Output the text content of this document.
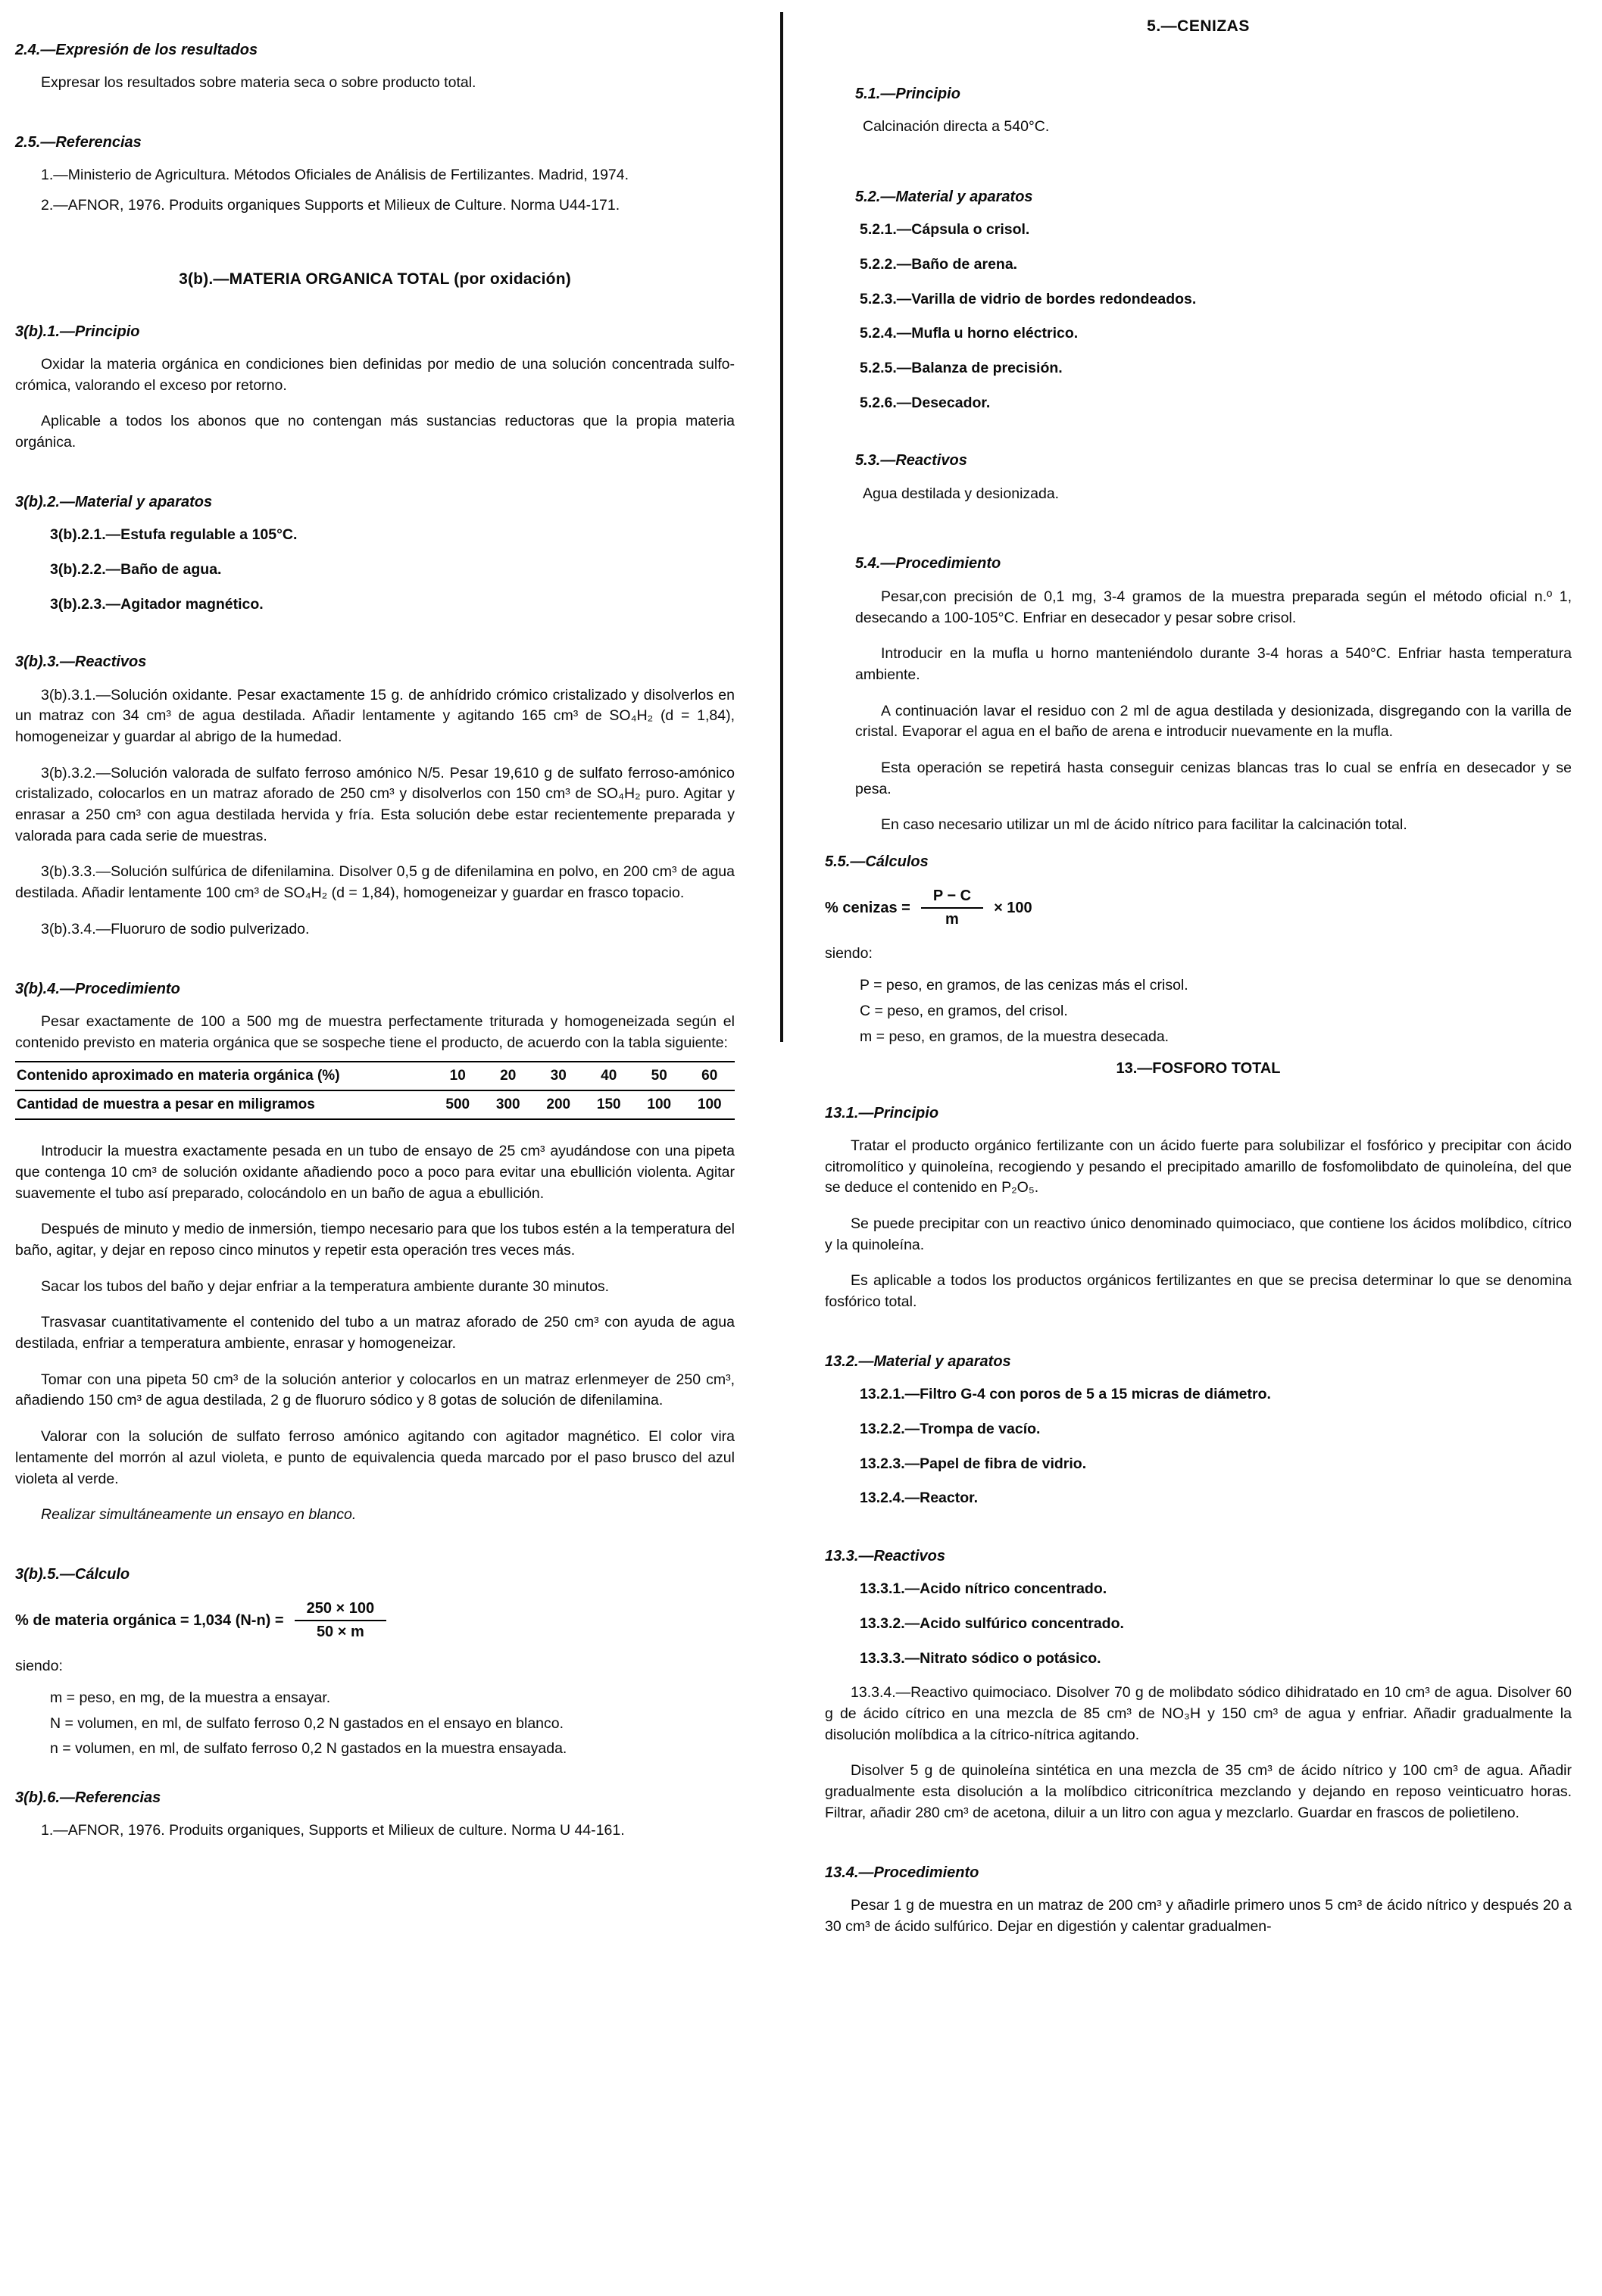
2.4.—Expresión de los resultados

Expresar los resultados sobre materia seca o sobre producto total.

2.5.—Referencias

1.—Ministerio de Agricultura. Métodos Oficiales de Análisis de Fertilizantes. Madrid, 1974.

2.—AFNOR, 1976. Produits organiques Supports et Milieux de Culture. Norma U44-171.

3(b).—MATERIA ORGANICA TOTAL (por oxidación)

3(b).1.—Principio

Oxidar la materia orgánica en condiciones bien definidas por medio de una solución concentrada sulfo-crómica, valorando el exceso por retorno.

Aplicable a todos los abonos que no contengan más sustancias reductoras que la propia materia orgánica.

3(b).2.—Material y aparatos

3(b).2.1.—Estufa regulable a 105°C.

3(b).2.2.—Baño de agua.

3(b).2.3.—Agitador magnético.

3(b).3.—Reactivos

3(b).3.1.—Solución oxidante. Pesar exactamente 15 g. de anhídrido crómico cristalizado y disolverlos en un matraz con 34 cm³ de agua destilada. Añadir lentamente y agitando 165 cm³ de SO₄H₂ (d = 1,84), homogeneizar y guardar al abrigo de la humedad.

3(b).3.2.—Solución valorada de sulfato ferroso amónico N/5. Pesar 19,610 g de sulfato ferroso-amónico cristalizado, colocarlos en un matraz aforado de 250 cm³ y disolverlos con 150 cm³ de SO₄H₂ puro. Agitar y enrasar a 250 cm³ con agua destilada hervida y fría. Esta solución debe estar recientemente preparada y valorada para cada serie de muestras.

3(b).3.3.—Solución sulfúrica de difenilamina. Disolver 0,5 g de difenilamina en polvo, en 200 cm³ de agua destilada. Añadir lentamente 100 cm³ de SO₄H₂ (d = 1,84), homogeneizar y guardar en frasco topacio.

3(b).3.4.—Fluoruro de sodio pulverizado.

3(b).4.—Procedimiento

Pesar exactamente de 100 a 500 mg de muestra perfectamente triturada y homogeneizada según el contenido previsto en materia orgánica que se sospeche tiene el producto, de acuerdo con la tabla siguiente:

Contenido aproximado en materia orgánica (%)	10	20	30	40	50	60
Cantidad de muestra a pesar en miligramos	500	300	200	150	100	100

Introducir la muestra exactamente pesada en un tubo de ensayo de 25 cm³ ayudándose con una pipeta que contenga 10 cm³ de solución oxidante añadiendo poco a poco para evitar una ebullición violenta. Agitar suavemente el tubo así preparado, colocándolo en un baño de agua a ebullición.

Después de minuto y medio de inmersión, tiempo necesario para que los tubos estén a la temperatura del baño, agitar, y dejar en reposo cinco minutos y repetir esta operación tres veces más.

Sacar los tubos del baño y dejar enfriar a la temperatura ambiente durante 30 minutos.

Trasvasar cuantitativamente el contenido del tubo a un matraz aforado de 250 cm³ con ayuda de agua destilada, enfriar a temperatura ambiente, enrasar y homogeneizar.

Tomar con una pipeta 50 cm³ de la solución anterior y colocarlos en un matraz erlenmeyer de 250 cm³, añadiendo 150 cm³ de agua destilada, 2 g de fluoruro sódico y 8 gotas de solución de difenilamina.

Valorar con la solución de sulfato ferroso amónico agitando con agitador magnético. El color vira lentamente del morrón al azul violeta, e punto de equivalencia queda marcado por el paso brusco del azul violeta al verde.

Realizar simultáneamente un ensayo en blanco.

3(b).5.—Cálculo

% de materia orgánica = 1,034 $(N-n) = \frac{250 \times 100}{50 \times m}$

siendo:

m = peso, en mg, de la muestra a ensayar.

N = volumen, en ml, de sulfato ferroso 0,2 N gastados en el ensayo en blanco.

n = volumen, en ml, de sulfato ferroso 0,2 N gastados en la muestra ensayada.

3(b).6.—Referencias

1.—AFNOR, 1976. Produits organiques, Supports et Milieux de culture. Norma U 44-161.

5.—CENIZAS

5.1.—Principio

Calcinación directa a 540°C.

5.2.—Material y aparatos

5.2.1.—Cápsula o crisol.

5.2.2.—Baño de arena.

5.2.3.—Varilla de vidrio de bordes redondeados.

5.2.4.—Mufla u horno eléctrico.

5.2.5.—Balanza de precisión.

5.2.6.—Desecador.

5.3.—Reactivos

Agua destilada y desionizada.

5.4.—Procedimiento

Pesar,con precisión de 0,1 mg, 3-4 gramos de la muestra preparada según el método oficial n.º 1, desecando a 100-105°C. Enfriar en desecador y pesar sobre crisol.

Introducir en la mufla u horno manteniéndolo durante 3-4 horas a 540°C. Enfriar hasta temperatura ambiente.

A continuación lavar el residuo con 2 ml de agua destilada y desionizada, disgregando con la varilla de cristal. Evaporar el agua en el baño de arena e introducir nuevamente en la mufla.

Esta operación se repetirá hasta conseguir cenizas blancas tras lo cual se enfría en desecador y se pesa.

En caso necesario utilizar un ml de ácido nítrico para facilitar la calcinación total.

5.5.—Cálculos

% cenizas = $\frac{P - C}{m} \times 100$

siendo:

P = peso, en gramos, de las cenizas más el crisol.

C = peso, en gramos, del crisol.

m = peso, en gramos, de la muestra desecada.

13.—FOSFORO TOTAL

13.1.—Principio

Tratar el producto orgánico fertilizante con un ácido fuerte para solubilizar el fosfórico y precipitar con ácido citromolítico y quinoleína, recogiendo y pesando el precipitado amarillo de fosfomolibdato de quinoleína, del que se deduce el contenido en P₂O₅.

Se puede precipitar con un reactivo único denominado quimociaco, que contiene los ácidos molíbdico, cítrico y la quinoleína.

Es aplicable a todos los productos orgánicos fertilizantes en que se precisa determinar lo que se denomina fosfórico total.

13.2.—Material y aparatos

13.2.1.—Filtro G-4 con poros de 5 a 15 micras de diámetro.

13.2.2.—Trompa de vacío.

13.2.3.—Papel de fibra de vidrio.

13.2.4.—Reactor.

13.3.—Reactivos

13.3.1.—Acido nítrico concentrado.

13.3.2.—Acido sulfúrico concentrado.

13.3.3.—Nitrato sódico o potásico.

13.3.4.—Reactivo quimociaco. Disolver 70 g de molibdato sódico dihidratado en 10 cm³ de agua. Disolver 60 g de ácido cítrico en una mezcla de 85 cm³ de NO₃H y 150 cm³ de agua y enfriar. Añadir gradualmente la disolución molíbdica a la cítrico-nítrica agitando.

Disolver 5 g de quinoleína sintética en una mezcla de 35 cm³ de ácido nítrico y 100 cm³ de agua. Añadir gradualmente esta disolución a la molíbdico citriconítrica mezclando y dejando en reposo veinticuatro horas. Filtrar, añadir 280 cm³ de acetona, diluir a un litro con agua y mezclarlo. Guardar en frascos de polietileno.

13.4.—Procedimiento

Pesar 1 g de muestra en un matraz de 200 cm³ y añadirle primero unos 5 cm³ de ácido nítrico y después 20 a 30 cm³ de ácido sulfúrico. Dejar en digestión y calentar gradualmen-
